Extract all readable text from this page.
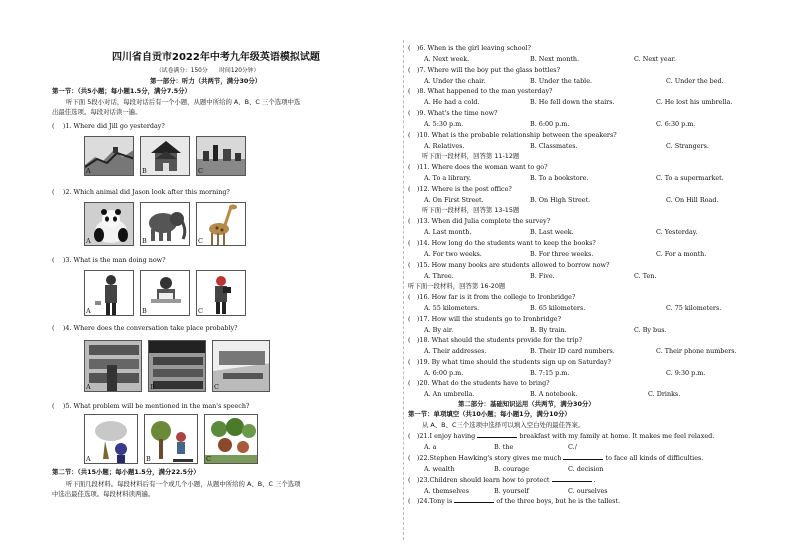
四川省自贡市2022年中考九年级英语模拟试题
（试卷满分：150分　　时间120分钟）
第一部分：听力（共两节，满分30分）
第一节：（共5小题；每小题1.5分，满分7.5分）
听下面 5段小对话，每段对话后有一个小题，从题中所给的 A、B、C 三个选项中选
出最佳选项。每段对话读一遍。
( 　)1. Where did Jill go yesterday?
A	B	C
( 　)2. Which animal did Jason look after this morning?
A	B	C
( 　)3. What is the man doing now?
A	B	C
( 　)4. Where does the conversation take place probably?
A	B	C
( 　)5. What problem will be mentioned in the man's speech?
A	B	C
第二节：（共15小题；每小题1.5分，满分22.5分）
听下面几段材料。每段材料后有一个或几个小题，从题中所给的 A、B、C 三个选项
中选出最佳选项。每段材料读两遍。
(　)6. When is the girl leaving school?
A. Next week.	B. Next month.	C. Next year.
(　)7. Where will the boy put the glass bottles?
A. Under the chair.	B. Under the table.	C. Under the bed.
(　)8. What happened to the man yesterday?
A. He had a cold.	B. He fell down the stairs.	C. He lost his umbrella.
(　)9. What's the time now?
A. 5:30 p.m.	B. 6:00 p.m.	C. 6:30 p.m.
(　)10. What is the probable relationship between the speakers?
A. Relatives.	B. Classmates.	C. Strangers.
听下面一段材料，回答第 11-12题
(　)11. Where does the woman want to go?
A. To a library.	B. To a bookstore.	C. To a supermarket.
(　)12. Where is the post office?
A. On First Street.	B. On High Street.	C. On Hill Road.
听下面一段材料，回答第 13-15题
(　)13. When did Julia complete the survey?
A. Last month.	B. Last week.	C. Yesterday.
(　)14. How long do the students want to keep the books?
A. For two weeks.	B. For three weeks.	C. For a month.
(　)15. How many books are students allowed to borrow now?
A. Three.	B. Five.	C. Ten.
听下面一段材料，回答第 16-20题
(　)16. How far is it from the college to Ironbridge?
A. 55 kilometers.	B. 65 kilometers.	C. 75 kilometers.
(　)17. How will the students go to Ironbridge?
A. By air.	B. By train.	C. By bus.
(　)18. What should the students provide for the trip?
A. Their addresses.	B. Their ID card numbers.	C. Their phone numbers.
(　)19. By what time should the students sign up on Saturday?
A. 6:00 p.m.	B. 7:15 p.m.	C. 9:30 p.m.
(　)20. What do the students have to bring?
A. An umbrella.	B. A notebook.	C. Drinks.
第二部分：基础知识运用（共两节，满分30分）
第一节：单项填空（共10小题；每小题1分，满分10分）
从 A、B、C三个选项中选择可以填入空白处的最佳答案。
(　)21.I enjoy having	breakfast with my family at home. It makes me feel relaxed.
A. a	B. the	C./
(　)22.Stephen Hawking's story gives me much	to face all kinds of difficulties.
A. wealth	B. courage	C. decision
(　)23.Children should learn how to protect	.
A. themselves	B. yourself	C. ourselves
(　)24.Tony is	of the three boys, but he is the tallest.
